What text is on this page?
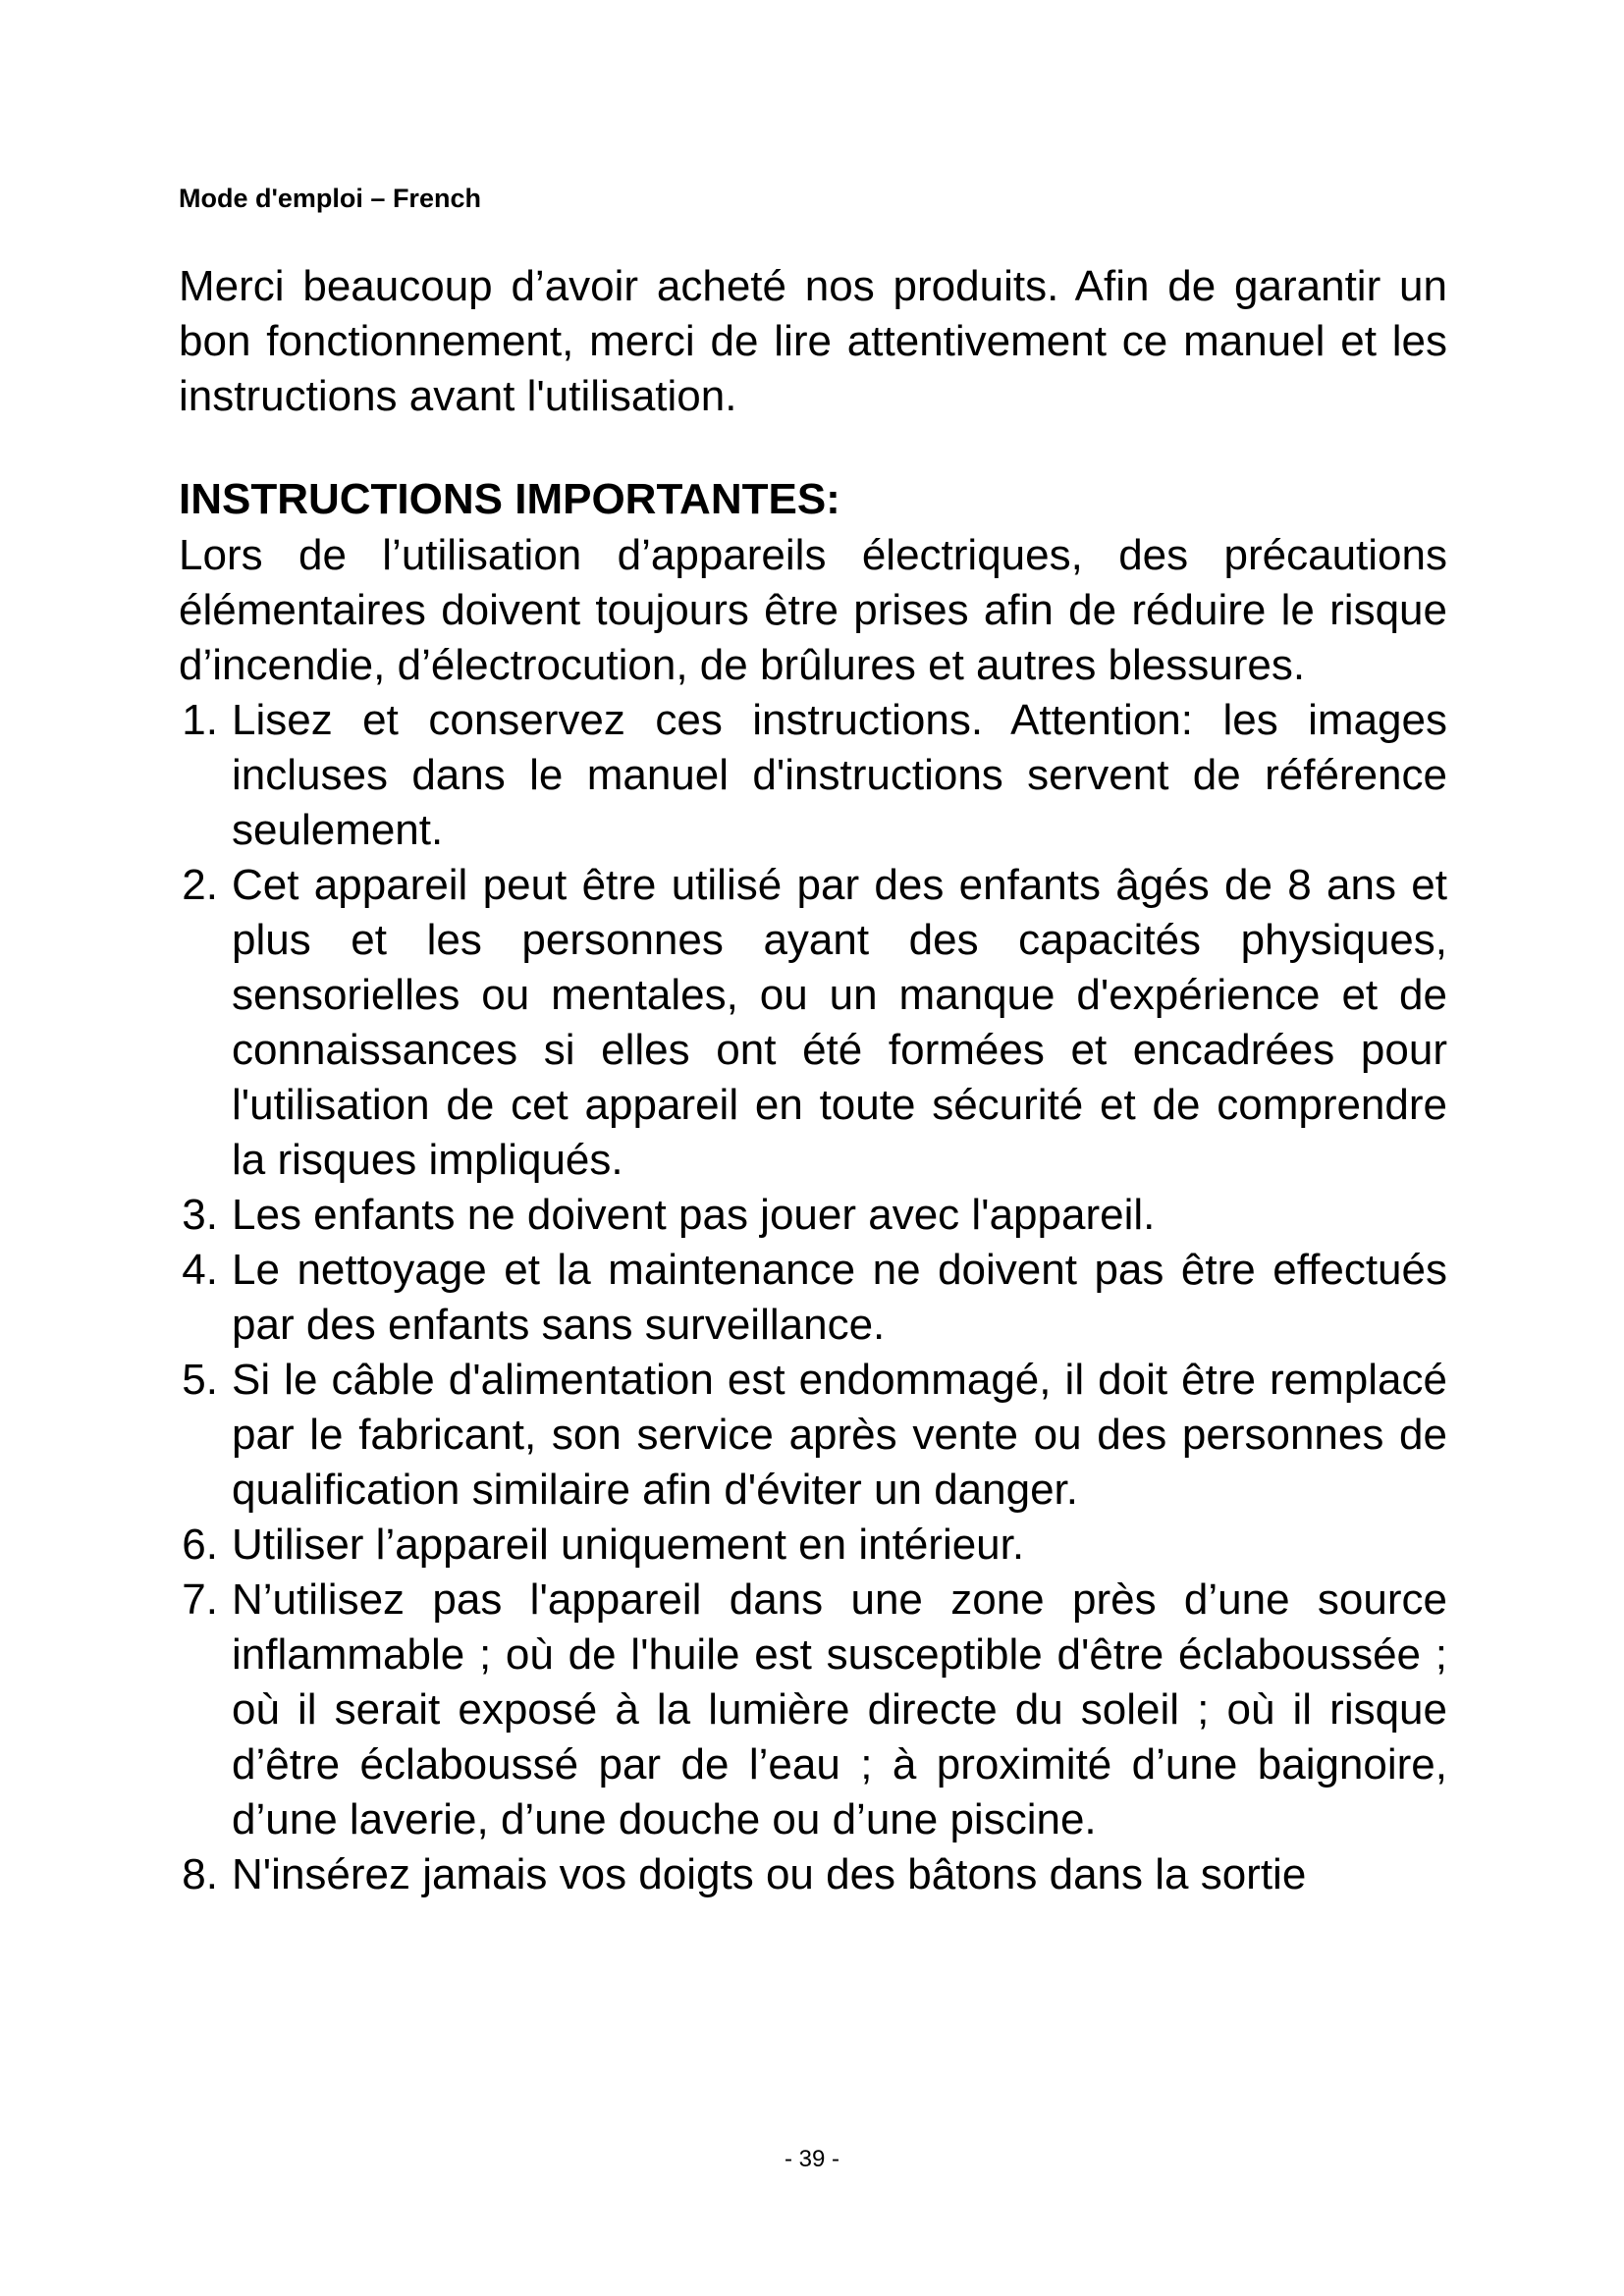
Mode d'emploi – French

Merci beaucoup d’avoir acheté nos produits. Afin de garantir un bon fonctionnement, merci de lire attentivement ce manuel et les instructions avant l'utilisation.

INSTRUCTIONS IMPORTANTES:

Lors de l’utilisation d’appareils électriques, des précautions élémentaires doivent toujours être prises afin de réduire le risque d’incendie, d’électrocution, de brûlures et autres blessures.

1. Lisez et conservez ces instructions. Attention: les images incluses dans le manuel d'instructions servent de référence seulement.
2. Cet appareil peut être utilisé par des enfants âgés de 8 ans et plus et les personnes ayant des capacités physiques, sensorielles ou mentales, ou un manque d'expérience et de connaissances si elles ont été formées et encadrées pour l'utilisation de cet appareil en toute sécurité et de comprendre la risques impliqués.
3. Les enfants ne doivent pas jouer avec l'appareil.
4. Le nettoyage et la maintenance ne doivent pas être effectués par des enfants sans surveillance.
5. Si le câble d'alimentation est endommagé, il doit être remplacé par le fabricant, son service après vente ou des personnes de qualification similaire afin d'éviter un danger.
6. Utiliser l’appareil uniquement en intérieur.
7. N’utilisez pas l'appareil dans une zone près d’une source inflammable ; où de l'huile est susceptible d'être éclaboussée ; où il serait exposé à la lumière directe du soleil ; où il risque d’être éclaboussé par de l’eau ; à proximité d’une baignoire, d’une laverie, d’une douche ou d’une piscine.
8. N'insérez jamais vos doigts ou des bâtons dans la sortie
- 39 -
